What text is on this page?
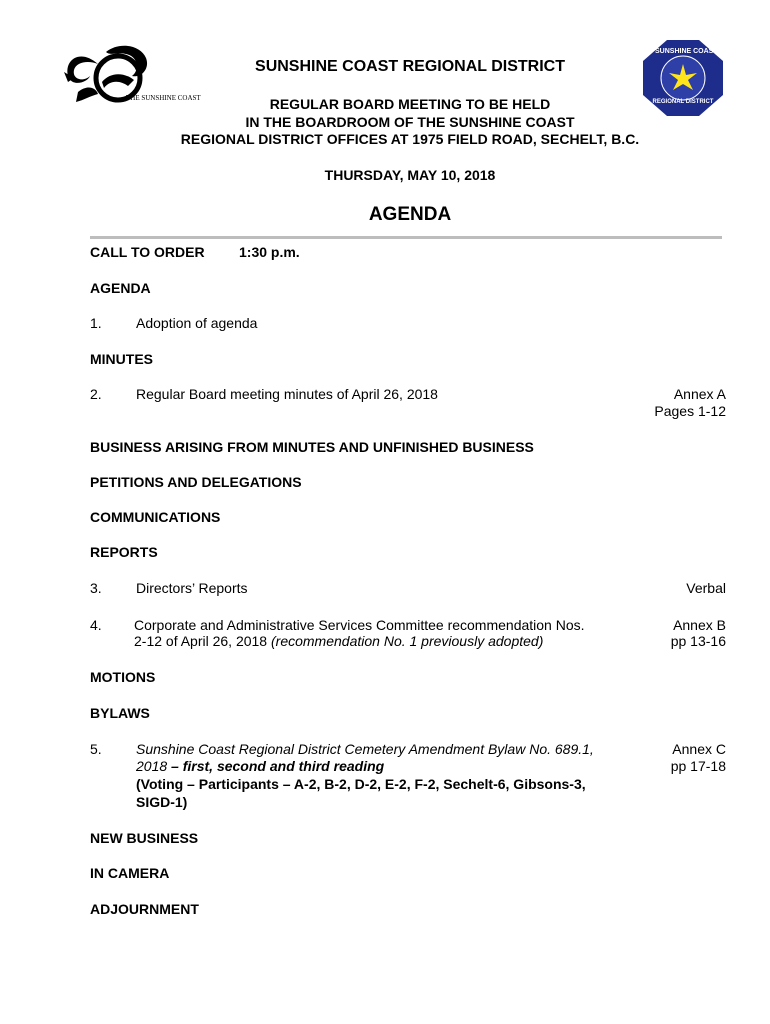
THE SUNSHINE COAST
SUNSHINE COAST
REGIONAL DISTRICT
SUNSHINE COAST REGIONAL DISTRICT
REGULAR BOARD MEETING TO BE HELD
IN THE BOARDROOM OF THE SUNSHINE COAST
REGIONAL DISTRICT OFFICES AT 1975 FIELD ROAD, SECHELT, B.C.
THURSDAY, MAY 10, 2018
AGENDA
CALL TO ORDER 1:30 p.m.
AGENDA
1. Adoption of agenda
MINUTES
2. Regular Board meeting minutes of April 26, 2018	Annex A
Pages 1-12
BUSINESS ARISING FROM MINUTES AND UNFINISHED BUSINESS
PETITIONS AND DELEGATIONS
COMMUNICATIONS
REPORTS
3. Directors’ Reports	Verbal
4. Corporate and Administrative Services Committee recommendation Nos.
2-12 of April 26, 2018 (recommendation No. 1 previously adopted)
Annex B
pp 13-16
MOTIONS
BYLAWS
5. Sunshine Coast Regional District Cemetery Amendment Bylaw No. 689.1,
2018 – first, second and third reading
(Voting – Participants – A-2, B-2, D-2, E-2, F-2, Sechelt-6, Gibsons-3,
SIGD-1)
Annex C
pp 17-18
NEW BUSINESS
IN CAMERA
ADJOURNMENT
